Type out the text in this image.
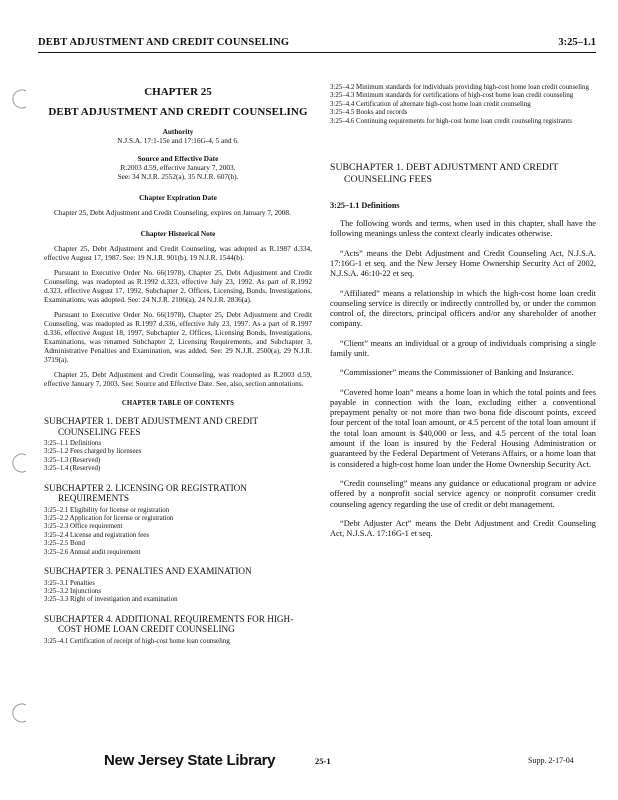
DEBT ADJUSTMENT AND CREDIT COUNSELING	3:25–1.1
CHAPTER 25
DEBT ADJUSTMENT AND CREDIT COUNSELING
Authority
N.J.S.A. 17:1-15e and 17:16G-4, 5 and 6.
Source and Effective Date
R.2003 d.59, effective January 7, 2003.
See: 34 N.J.R. 2552(a), 35 N.J.R. 607(b).
Chapter Expiration Date
Chapter 25, Debt Adjustment and Credit Counseling, expires on January 7, 2008.
Chapter Historical Note
Chapter 25, Debt Adjustment and Credit Counseling, was adopted as R.1987 d.334, effective August 17, 1987. See: 19 N.J.R. 901(b), 19 N.J.R. 1544(b).
Pursuant to Executive Order No. 66(1978), Chapter 25, Debt Adjustment and Credit Counseling, was readopted as R.1992 d.323, effective July 23, 1992. As part of R.1992 d.323, effective August 17, 1992, Subchapter 2, Offices, Licensing, Bonds, Investigations, Examinations, was adopted. See: 24 N.J.R. 2106(a), 24 N.J.R. 2836(a).
Pursuant to Executive Order No. 66(1978), Chapter 25, Debt Adjustment and Credit Counseling, was readopted as R.1997 d.336, effective July 23, 1997. As a part of R.1997 d.336, effective August 18, 1997, Subchapter 2, Offices, Licensing Bonds, Investigations, Examinations, was renamed Subchapter 2, Licensing Requirements, and Subchapter 3, Administrative Penalties and Examination, was added. See: 29 N.J.R. 2500(a), 29 N.J.R. 3719(a).
Chapter 25, Debt Adjustment and Credit Counseling, was readopted as R.2003 d.59, effective January 7, 2003. See: Source and Effective Date. See, also, section annotations.
CHAPTER TABLE OF CONTENTS
SUBCHAPTER 1. DEBT ADJUSTMENT AND CREDIT COUNSELING FEES
3:25–1.1 Definitions
3:25–1.2 Fees charged by licensees
3:25–1.3 (Reserved)
3:25–1.4 (Reserved)
SUBCHAPTER 2. LICENSING OR REGISTRATION REQUIREMENTS
3:25–2.1 Eligibility for license or registration
3:25–2.2 Application for license or registration
3:25–2.3 Office requirement
3:25–2.4 License and registration fees
3:25–2.5 Bond
3:25–2.6 Annual audit requirement
SUBCHAPTER 3. PENALTIES AND EXAMINATION
3:25–3.1 Penalties
3:25–3.2 Injunctions
3:25–3.3 Right of investigation and examination
SUBCHAPTER 4. ADDITIONAL REQUIREMENTS FOR HIGH-COST HOME LOAN CREDIT COUNSELING
3:25–4.1 Certification of receipt of high-cost home loan counseling
3:25–4.2 Minimum standards for individuals providing high-cost home loan credit counseling
3:25–4.3 Minimum standards for certifications of high-cost home loan credit counseling
3:25–4.4 Certification of alternate high-cost home loan credit counseling
3:25–4.5 Books and records
3:25–4.6 Continuing requirements for high-cost home loan credit counseling registrants
SUBCHAPTER 1. DEBT ADJUSTMENT AND CREDIT COUNSELING FEES
3:25–1.1 Definitions
The following words and terms, when used in this chapter, shall have the following meanings unless the context clearly indicates otherwise.
“Acts” means the Debt Adjustment and Credit Counseling Act, N.J.S.A. 17:16G-1 et seq. and the New Jersey Home Ownership Security Act of 2002, N.J.S.A. 46:10-22 et seq.
“Affiliated” means a relationship in which the high-cost home loan credit counseling service is directly or indirectly controlled by, or under the common control of, the directors, principal officers and/or any shareholder of another company.
“Client” means an individual or a group of individuals comprising a single family unit.
“Commissioner” means the Commissioner of Banking and Insurance.
“Covered home loan” means a home loan in which the total points and fees payable in connection with the loan, excluding either a conventional prepayment penalty or not more than two bona fide discount points, exceed four percent of the total loan amount, or 4.5 percent of the total loan amount if the total loan amount is $40,000 or less, and 4.5 percent of the total loan amount if the loan is insured by the Federal Housing Administration or guaranteed by the Federal Department of Veterans Affairs, or a home loan that is considered a high-cost home loan under the Home Ownership Security Act.
“Credit counseling” means any guidance or educational program or advice offered by a nonprofit social service agency or nonprofit consumer credit counseling agency regarding the use of credit or debt management.
“Debt Adjuster Act” means the Debt Adjustment and Credit Counseling Act, N.J.S.A. 17:16G-1 et seq.
New Jersey State Library	25-1	Supp. 2-17-04
